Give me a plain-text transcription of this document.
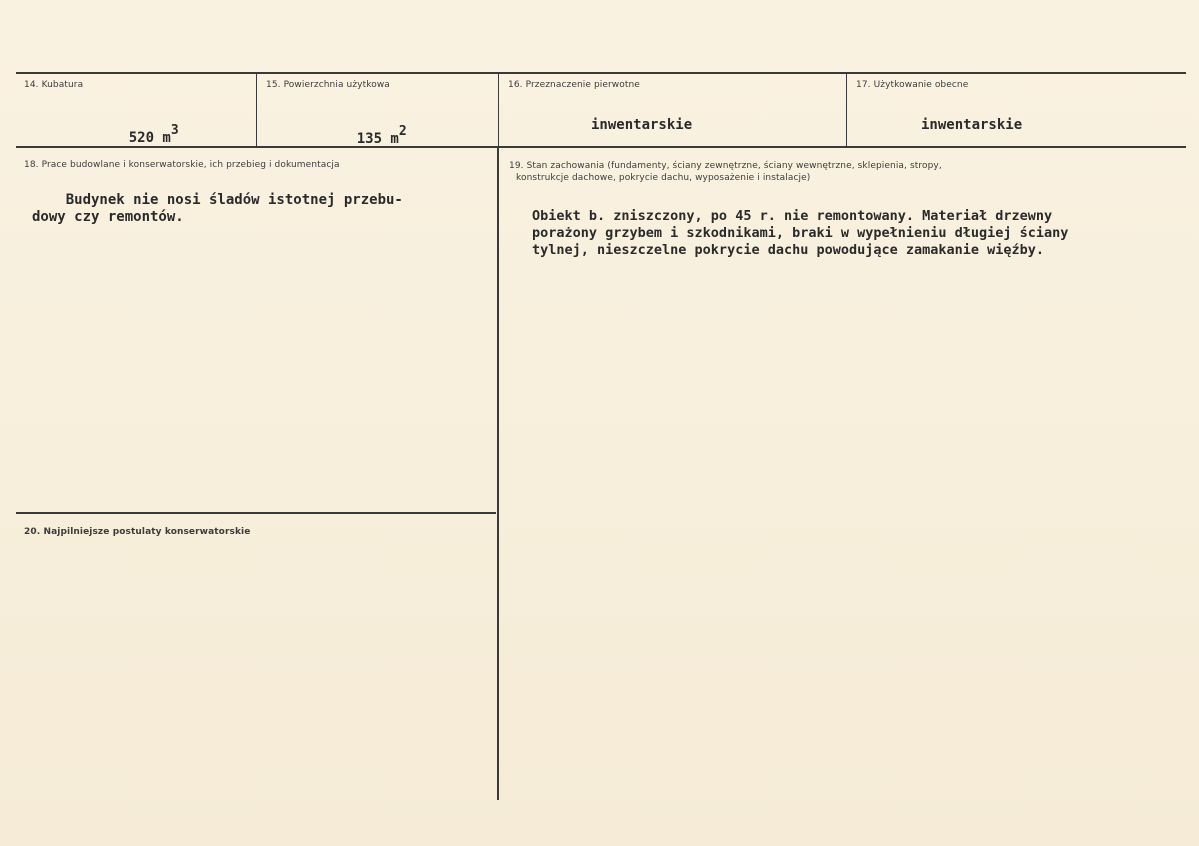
14. Kubatura

520 m3

15. Powierzchnia użytkowa

135 m2

16. Przeznaczenie pierwotne
inwentarskie
17. Użytkowanie obecne
inwentarskie
18. Prace budowlane i konserwatorskie, ich przebieg i dokumentacja
Budynek nie nosi śladów istotnej przebu-
dowy czy remontów.
19. Stan zachowania (fundamenty, ściany zewnętrzne, ściany wewnętrzne, sklepienia, stropy,
konstrukcje dachowe, pokrycie dachu, wyposażenie i instalacje)
Obiekt b. zniszczony, po 45 r. nie remontowany. Materiał drzewny
porażony grzybem i szkodnikami, braki w wypełnieniu długiej ściany
tylnej, nieszczelne pokrycie dachu powodujące zamakanie więźby.
20. Najpilniejsze postulaty konserwatorskie
